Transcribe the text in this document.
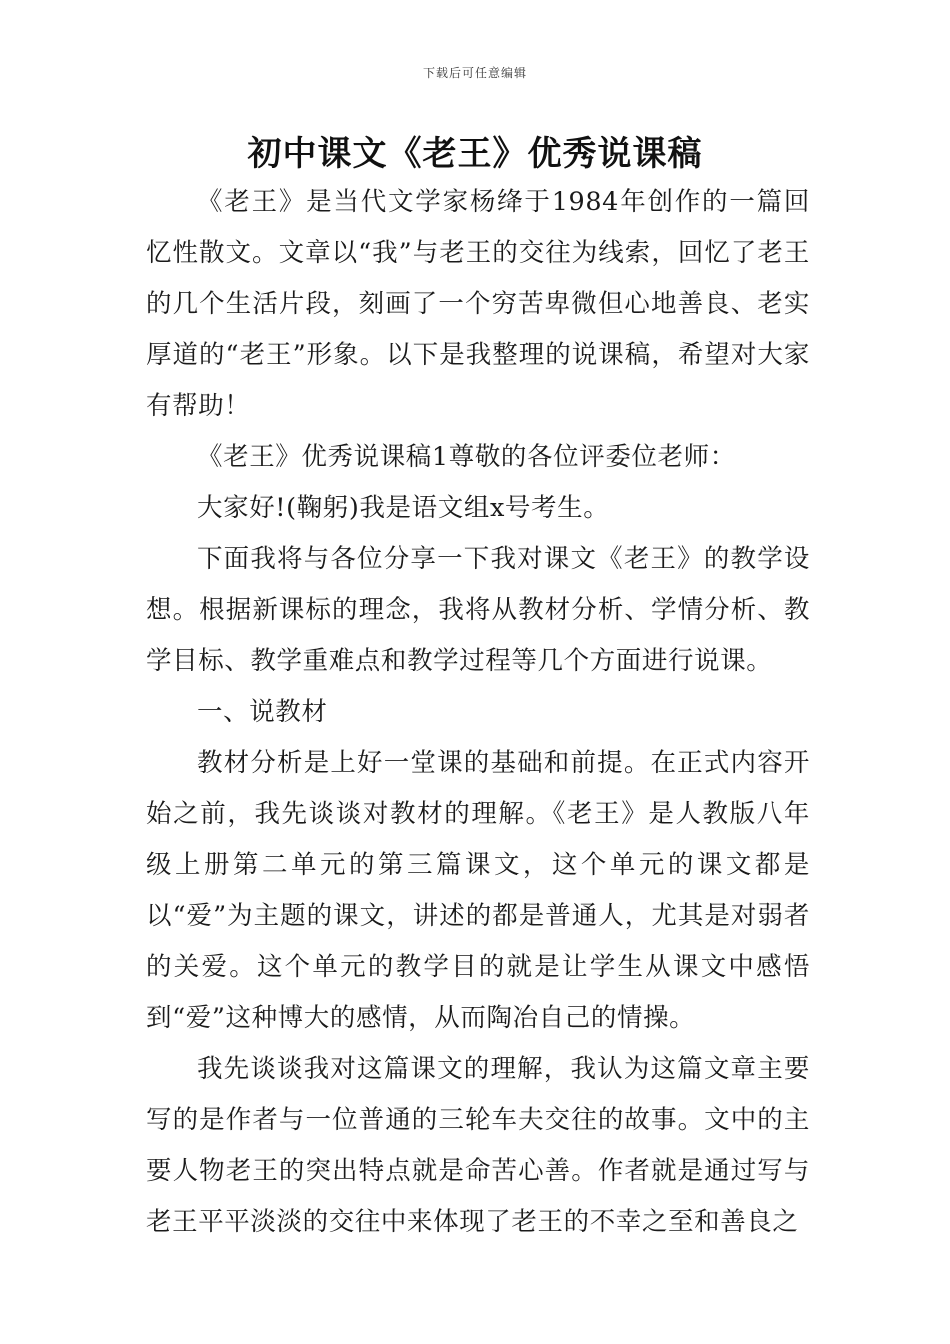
下载后可任意编辑
初中课文《老王》优秀说课稿

《老王》是当代文学家杨绛于1984年创作的一篇回忆性散文。文章以“我”与老王的交往为线索，回忆了老王的几个生活片段，刻画了一个穷苦卑微但心地善良、老实厚道的“老王”形象。以下是我整理的说课稿，希望对大家有帮助！

《老王》优秀说课稿1尊敬的各位评委位老师：

大家好!(鞠躬)我是语文组x号考生。

下面我将与各位分享一下我对课文《老王》的教学设想。根据新课标的理念，我将从教材分析、学情分析、教学目标、教学重难点和教学过程等几个方面进行说课。

一、说教材

教材分析是上好一堂课的基础和前提。在正式内容开始之前，我先谈谈对教材的理解。《老王》是人教版八年级上册第二单元的第三篇课文，这个单元的课文都是以“爱”为主题的课文，讲述的都是普通人，尤其是对弱者的关爱。这个单元的教学目的就是让学生从课文中感悟到“爱”这种博大的感情，从而陶冶自己的情操。

我先谈谈我对这篇课文的理解，我认为这篇文章主要写的是作者与一位普通的三轮车夫交往的故事。文中的主要人物老王的突出特点就是命苦心善。作者就是通过写与老王平平淡淡的交往中来体现了老王的不幸之至和善良之
